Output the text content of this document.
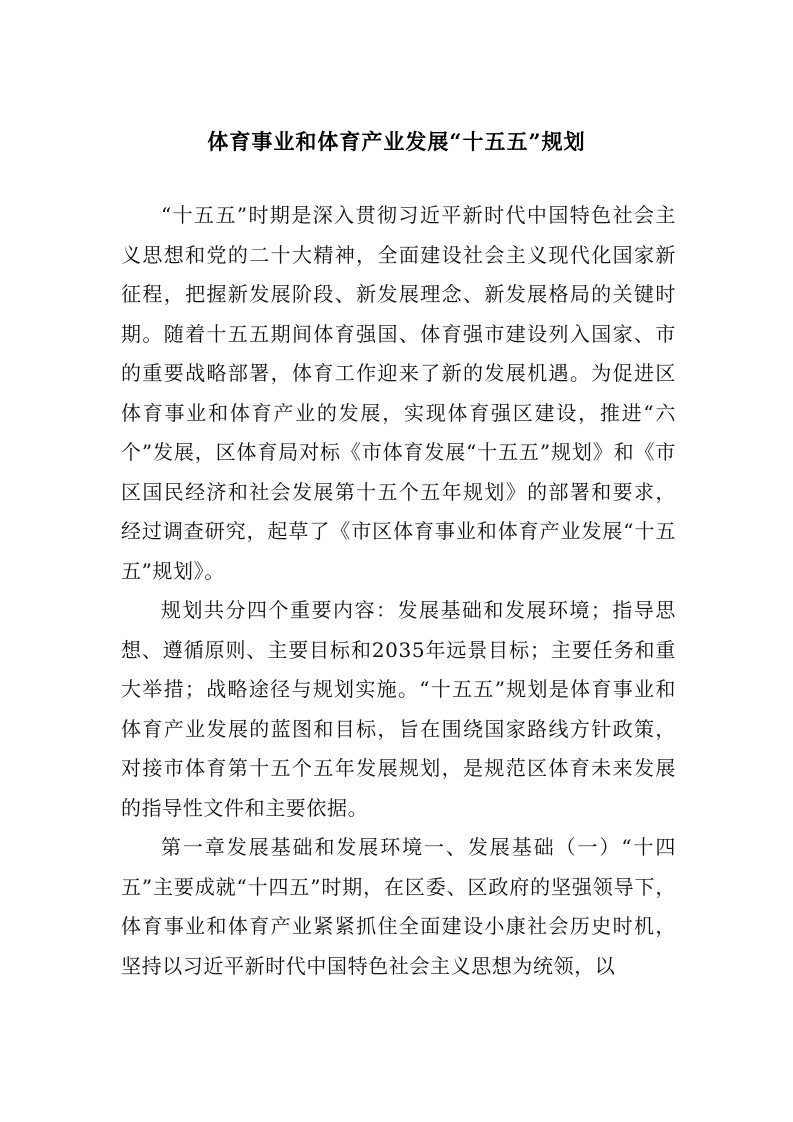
体育事业和体育产业发展“十五五”规划

“十五五”时期是深入贯彻习近平新时代中国特色社会主义思想和党的二十大精神，全面建设社会主义现代化国家新征程，把握新发展阶段、新发展理念、新发展格局的关键时期。随着十五五期间体育强国、体育强市建设列入国家、市的重要战略部署，体育工作迎来了新的发展机遇。为促进区体育事业和体育产业的发展，实现体育强区建设，推进“六个”发展，区体育局对标《市体育发展“十五五”规划》和《市区国民经济和社会发展第十五个五年规划》的部署和要求，经过调查研究，起草了《市区体育事业和体育产业发展“十五五”规划》。

规划共分四个重要内容：发展基础和发展环境；指导思想、遵循原则、主要目标和2035年远景目标；主要任务和重大举措；战略途径与规划实施。“十五五”规划是体育事业和体育产业发展的蓝图和目标，旨在围绕国家路线方针政策，对接市体育第十五个五年发展规划，是规范区体育未来发展的指导性文件和主要依据。

第一章发展基础和发展环境一、发展基础（一）“十四五”主要成就“十四五”时期，在区委、区政府的坚强领导下，体育事业和体育产业紧紧抓住全面建设小康社会历史时机，坚持以习近平新时代中国特色社会主义思想为统领，以
